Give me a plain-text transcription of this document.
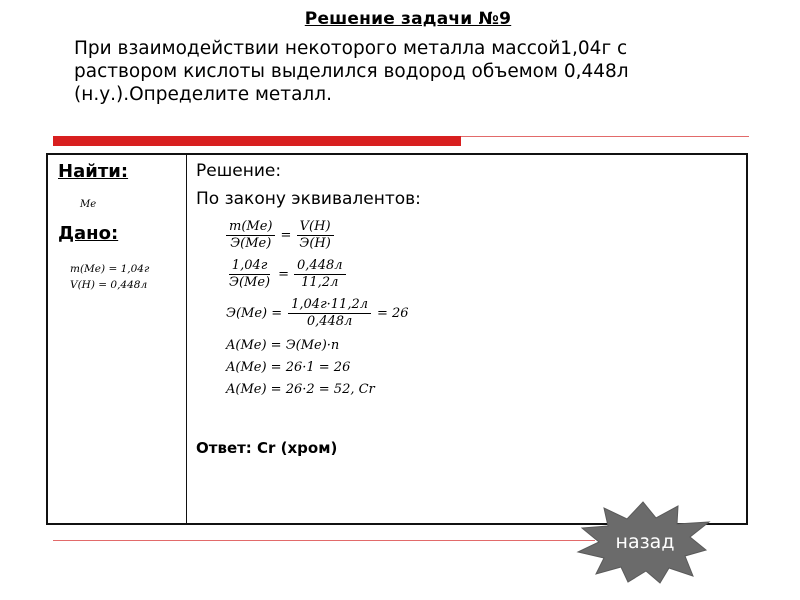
Решение задачи №9
При взаимодействии некоторого металла массой1,04г с
раствором кислоты выделился водород объемом 0,448л
(н.у.).Определите металл.
Найти:
Me
Дано:
m(Me) = 1,04г
V(H) = 0,448л
Решение:
По закону эквивалентов:
$\frac{m(Me)}{Э(Me)} = \frac{V(H)}{Э(H)}$
$\frac{1,04г}{Э(Me)} = \frac{0,448л}{11,2л}$
$Э(Me) = \frac{1,04г\cdot 11,2л}{0,448л} = 26$
A(Me) = Э(Me)·n
A(Me) = 26·1 = 26
A(Me) = 26·2 = 52, Cr
Ответ: Cr (хром)
назад
